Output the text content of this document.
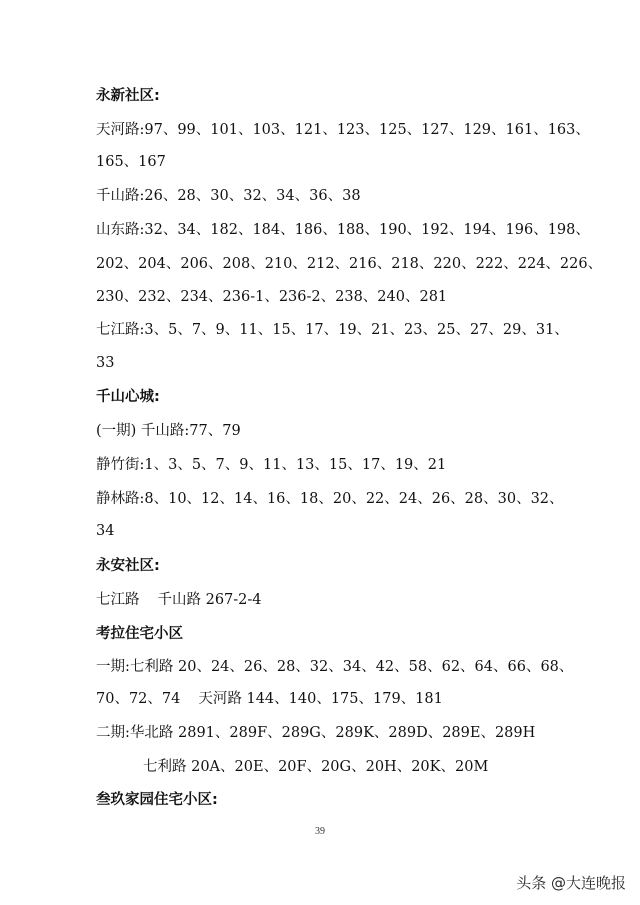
永新社区:
天河路:97、99、101、103、121、123、125、127、129、161、163、
165、167
千山路:26、28、30、32、34、36、38
山东路:32、34、182、184、186、188、190、192、194、196、198、
202、204、206、208、210、212、216、218、220、222、224、226、
230、232、234、236-1、236-2、238、240、281
七江路:3、5、7、9、11、15、17、19、21、23、25、27、29、31、
33
千山心城:
(一期) 千山路:77、79
静竹街:1、3、5、7、9、11、13、15、17、19、21
静林路:8、10、12、14、16、18、20、22、24、26、28、30、32、
34
永安社区:
七江路 千山路 267-2-4
考拉住宅小区
一期:七利路 20、24、26、28、32、34、42、58、62、64、66、68、
70、72、74 天河路 144、140、175、179、181
二期:华北路 2891、289F、289G、289K、289D、289E、289H
七利路 20A、20E、20F、20G、20H、20K、20M
叁玖家园住宅小区:
39
头条 @大连晚报
